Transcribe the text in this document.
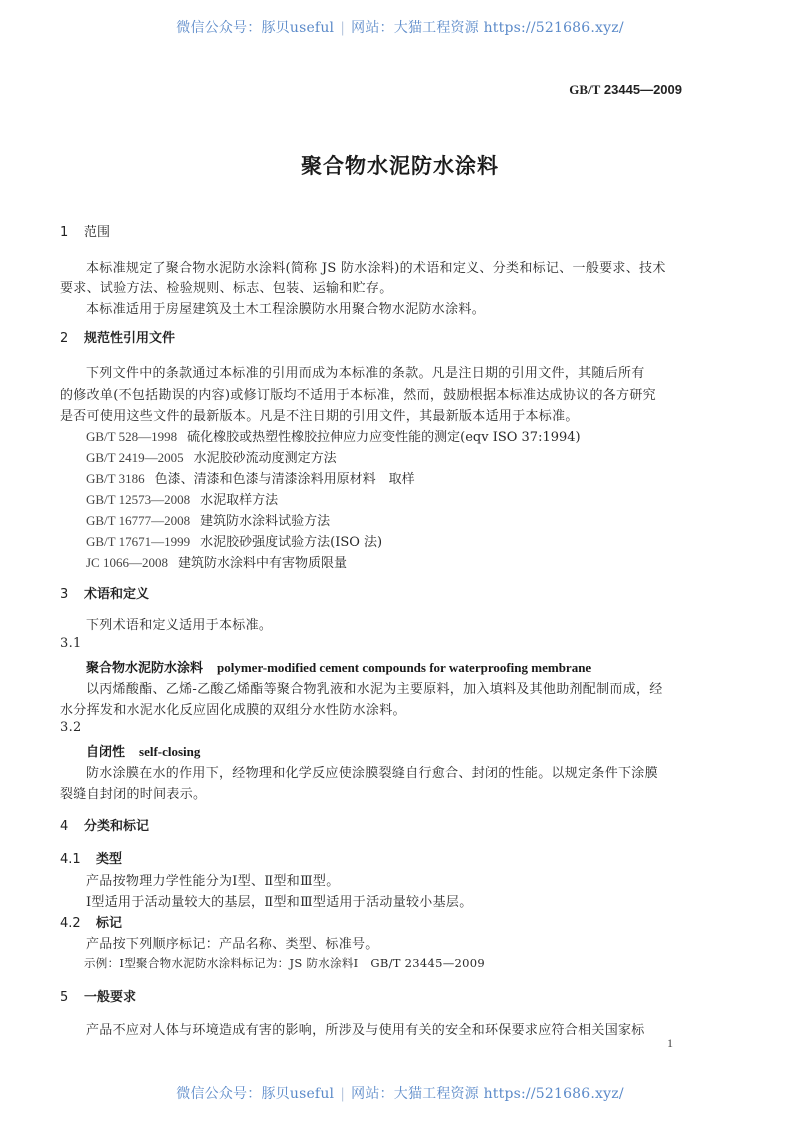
微信公众号：豚贝useful | 网站：大猫工程资源 https://521686.xyz/
GB/T 23445—2009
聚合物水泥防水涂料
1 范围
本标准规定了聚合物水泥防水涂料(简称 JS 防水涂料)的术语和定义、分类和标记、一般要求、技术
要求、试验方法、检验规则、标志、包装、运输和贮存。
本标准适用于房屋建筑及土木工程涂膜防水用聚合物水泥防水涂料。
2 规范性引用文件
下列文件中的条款通过本标准的引用而成为本标准的条款。凡是注日期的引用文件，其随后所有
的修改单(不包括勘误的内容)或修订版均不适用于本标准，然而，鼓励根据本标准达成协议的各方研究
是否可使用这些文件的最新版本。凡是不注日期的引用文件，其最新版本适用于本标准。
GB/T 528—1998 硫化橡胶或热塑性橡胶拉伸应力应变性能的测定(eqv ISO 37:1994)
GB/T 2419—2005 水泥胶砂流动度测定方法
GB/T 3186 色漆、清漆和色漆与清漆涂料用原材料　取样
GB/T 12573—2008 水泥取样方法
GB/T 16777—2008 建筑防水涂料试验方法
GB/T 17671—1999 水泥胶砂强度试验方法(ISO 法)
JC 1066—2008 建筑防水涂料中有害物质限量
3 术语和定义
下列术语和定义适用于本标准。
3.1
聚合物水泥防水涂料 polymer-modified cement compounds for waterproofing membrane
以丙烯酸酯、乙烯-乙酸乙烯酯等聚合物乳液和水泥为主要原料，加入填料及其他助剂配制而成，经
水分挥发和水泥水化反应固化成膜的双组分水性防水涂料。
3.2
自闭性 self-closing
防水涂膜在水的作用下，经物理和化学反应使涂膜裂缝自行愈合、封闭的性能。以规定条件下涂膜
裂缝自封闭的时间表示。
4 分类和标记
4.1 类型
产品按物理力学性能分为Ⅰ型、Ⅱ型和Ⅲ型。
Ⅰ型适用于活动量较大的基层，Ⅱ型和Ⅲ型适用于活动量较小基层。
4.2 标记
产品按下列顺序标记：产品名称、类型、标准号。
示例：Ⅰ型聚合物水泥防水涂料标记为：JS 防水涂料Ⅰ　GB/T 23445—2009
5 一般要求
产品不应对人体与环境造成有害的影响，所涉及与使用有关的安全和环保要求应符合相关国家标
1
微信公众号：豚贝useful | 网站：大猫工程资源 https://521686.xyz/
